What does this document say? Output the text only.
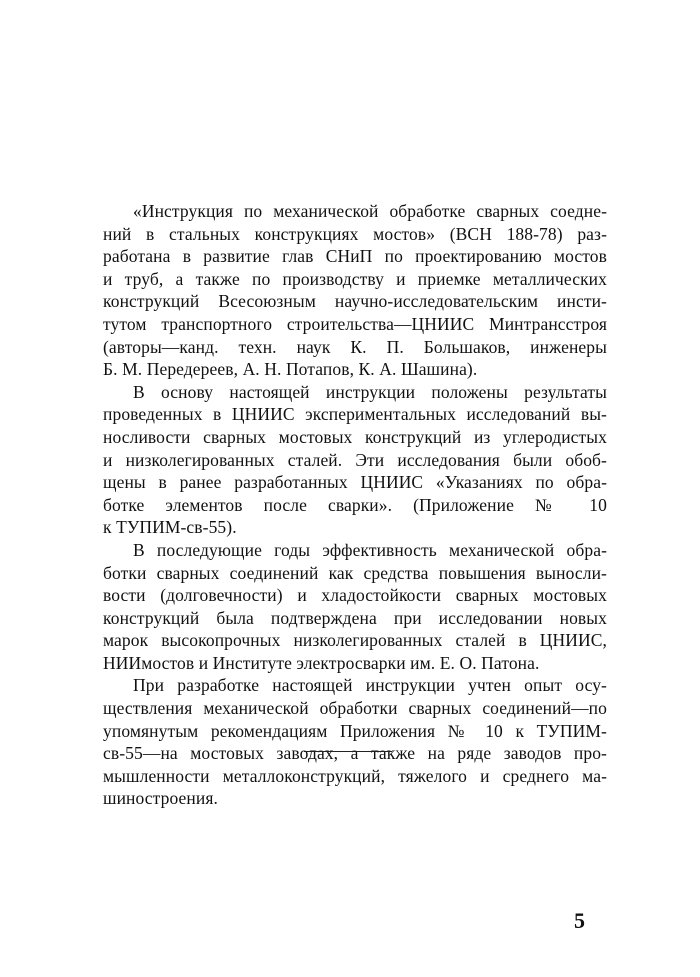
«Инструкция по механической обработке сварных соедне-
ний в стальных конструкциях мостов» (ВСН 188-78) раз-
работана в развитие глав СНиП по проектированию мостов
и труб, а также по производству и приемке металлических
конструкций Всесоюзным научно-исследовательским инсти-
тутом транспортного строительства—ЦНИИС Минтрансстроя
(авторы—канд. техн. наук К. П. Большаков, инженеры
Б. М. Передереев, А. Н. Потапов, К. А. Шашина).
В основу настоящей инструкции положены результаты
проведенных в ЦНИИС экспериментальных исследований вы-
носливости сварных мостовых конструкций из углеродистых
и низколегированных сталей. Эти исследования были обоб-
щены в ранее разработанных ЦНИИС «Указаниях по обра-
ботке элементов после сварки». (Приложение № 10
к ТУПИМ-св-55).
В последующие годы эффективность механической обра-
ботки сварных соединений как средства повышения выносли-
вости (долговечности) и хладостойкости сварных мостовых
конструкций была подтверждена при исследовании новых
марок высокопрочных низколегированных сталей в ЦНИИС,
НИИмостов и Институте электросварки им. Е. О. Патона.
При разработке настоящей инструкции учтен опыт осу-
ществления механической обработки сварных соединений—по
упомянутым рекомендациям Приложения № 10 к ТУПИМ-
св-55—на мостовых заводах, а также на ряде заводов про-
мышленности металлоконструкций, тяжелого и среднего ма-
шиностроения.
5
